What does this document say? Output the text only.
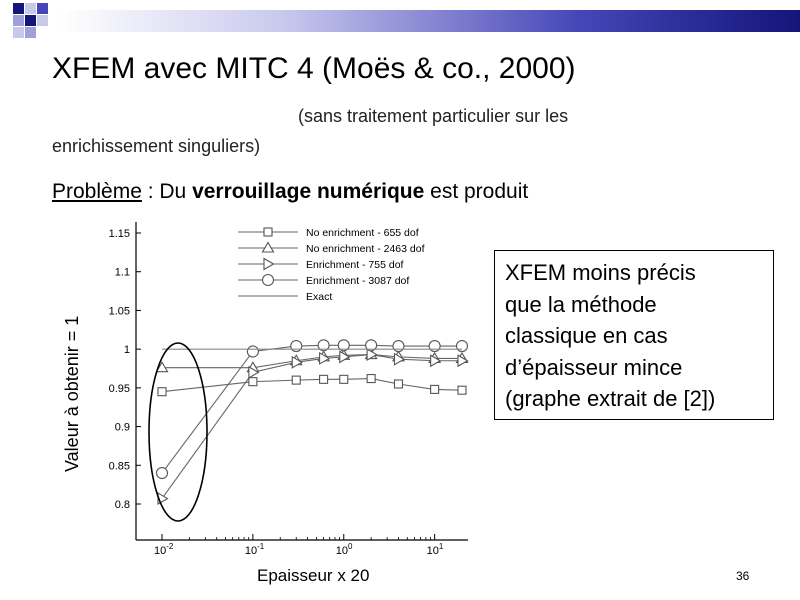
XFEM avec MITC 4 (Moës & co., 2000)
(sans traitement particulier sur les
enrichissement singuliers)
Problème : Du verrouillage numérique est produit
0.8
0.85
0.9
0.95
1
1.05
1.1
1.15
$10^{-2}$	$10^{-1}$	$10^0$	$10^1$
No enrichment - 655 dof
No enrichment - 2463 dof
Enrichment - 755 dof
Enrichment - 3087 dof
Exact
Valeur à obtenir = 1
Epaisseur x 20
XFEM moins précis
que la méthode
classique en cas
d’épaisseur mince
(graphe extrait de [2])
36
